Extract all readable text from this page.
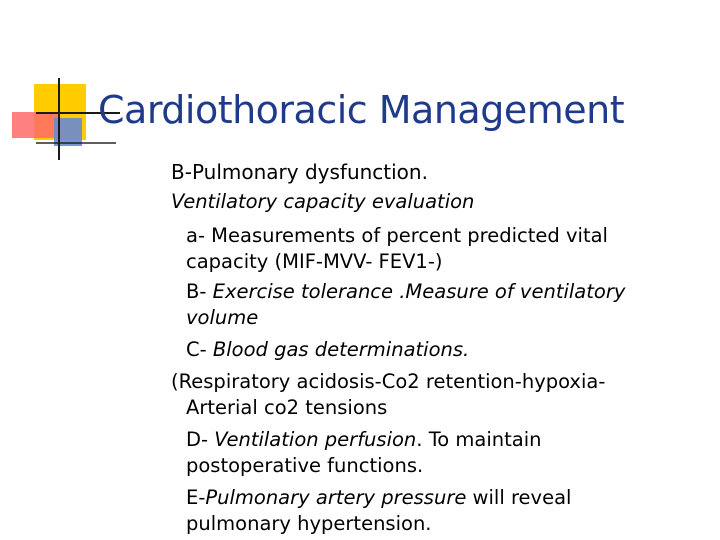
Cardiothoracic Management

B-Pulmonary dysfunction.

Ventilatory capacity evaluation

a- Measurements of percent predicted vital

capacity (MIF-MVV- FEV1-)

B- Exercise tolerance .Measure of ventilatory

volume

C- Blood gas determinations.

(Respiratory acidosis-Co2 retention-hypoxia-

Arterial co2 tensions

D- Ventilation perfusion. To maintain

postoperative functions.

E-Pulmonary artery pressure will reveal

pulmonary hypertension.
